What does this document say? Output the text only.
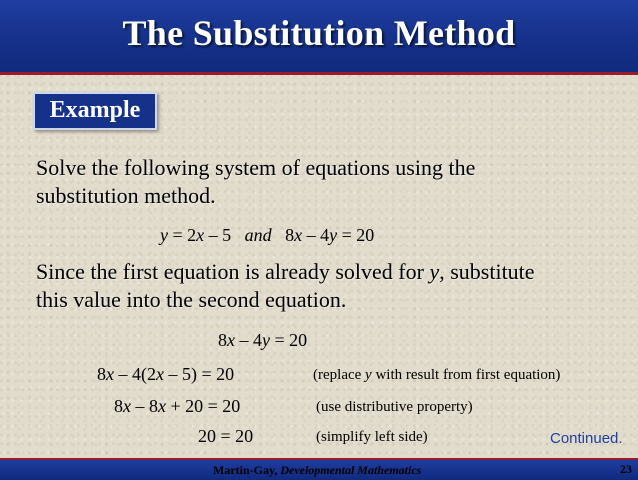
The Substitution Method
Example
Solve the following system of equations using the
substitution method.
y = 2x – 5   and   8x – 4y = 20
Since the first equation is already solved for y, substitute
this value into the second equation.
8x – 4y = 20
8x – 4(2x – 5) = 20	(replace y with result from first equation)
8x – 8x + 20 = 20	(use distributive property)
20 = 20	(simplify left side)	Continued.
Martin-Gay, Developmental Mathematics	23
